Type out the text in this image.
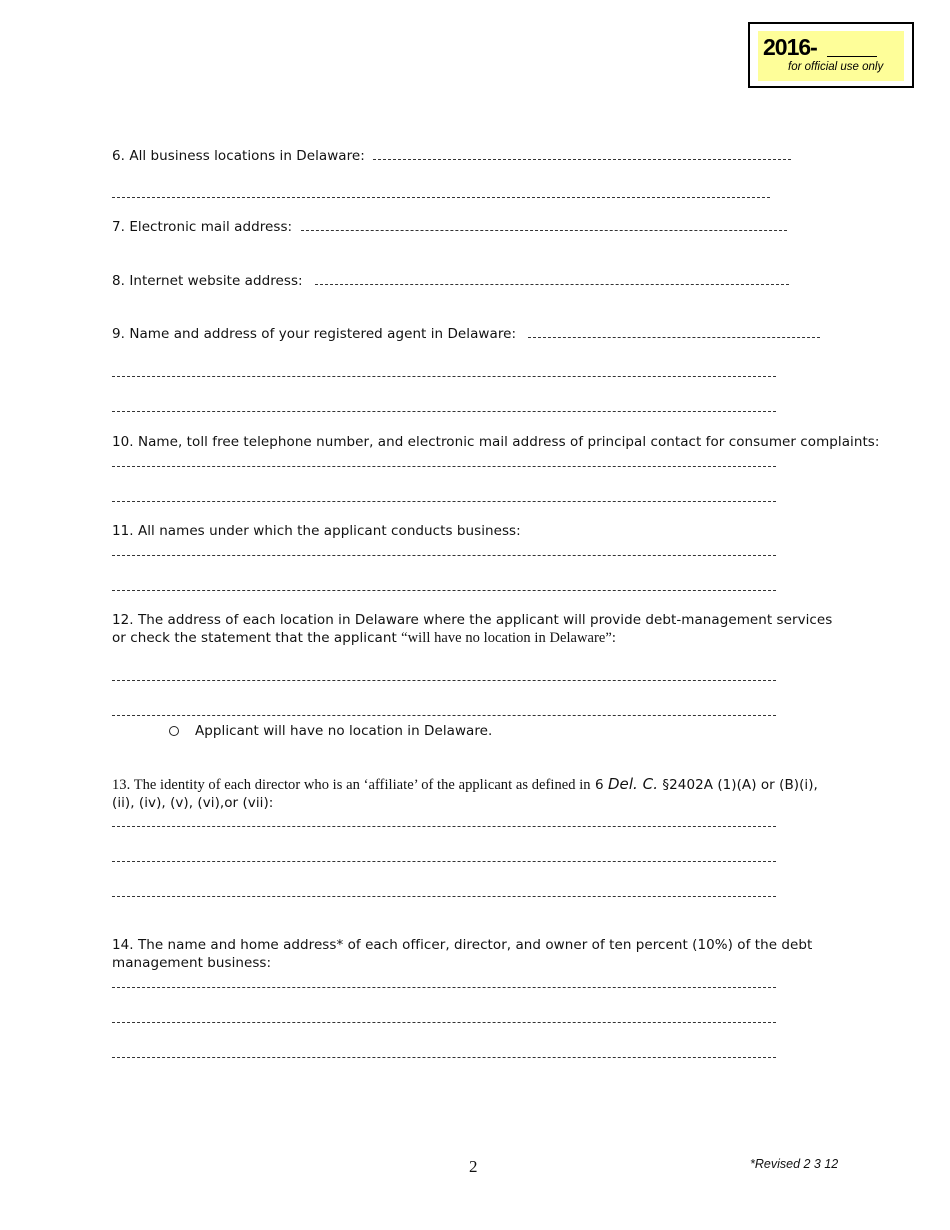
2016-
for official use only
6. All business locations in Delaware:
7. Electronic mail address:
8. Internet website address:
9. Name and address of your registered agent in Delaware:
10. Name, toll free telephone number, and electronic mail address of principal contact for consumer complaints:
11. All names under which the applicant conducts business:
12. The address of each location in Delaware where the applicant will provide debt-management services or check the statement that the applicant “will have no location in Delaware”:
Applicant will have no location in Delaware.
13. The identity of each director who is an ‘affiliate’ of the applicant as defined in 6 Del. C. §2402A (1)(A) or (B)(i), (ii), (iv), (v), (vi),or (vii):
14. The name and home address* of each officer, director, and owner of ten percent (10%) of the debt management business:
2	*Revised 2 3 12
